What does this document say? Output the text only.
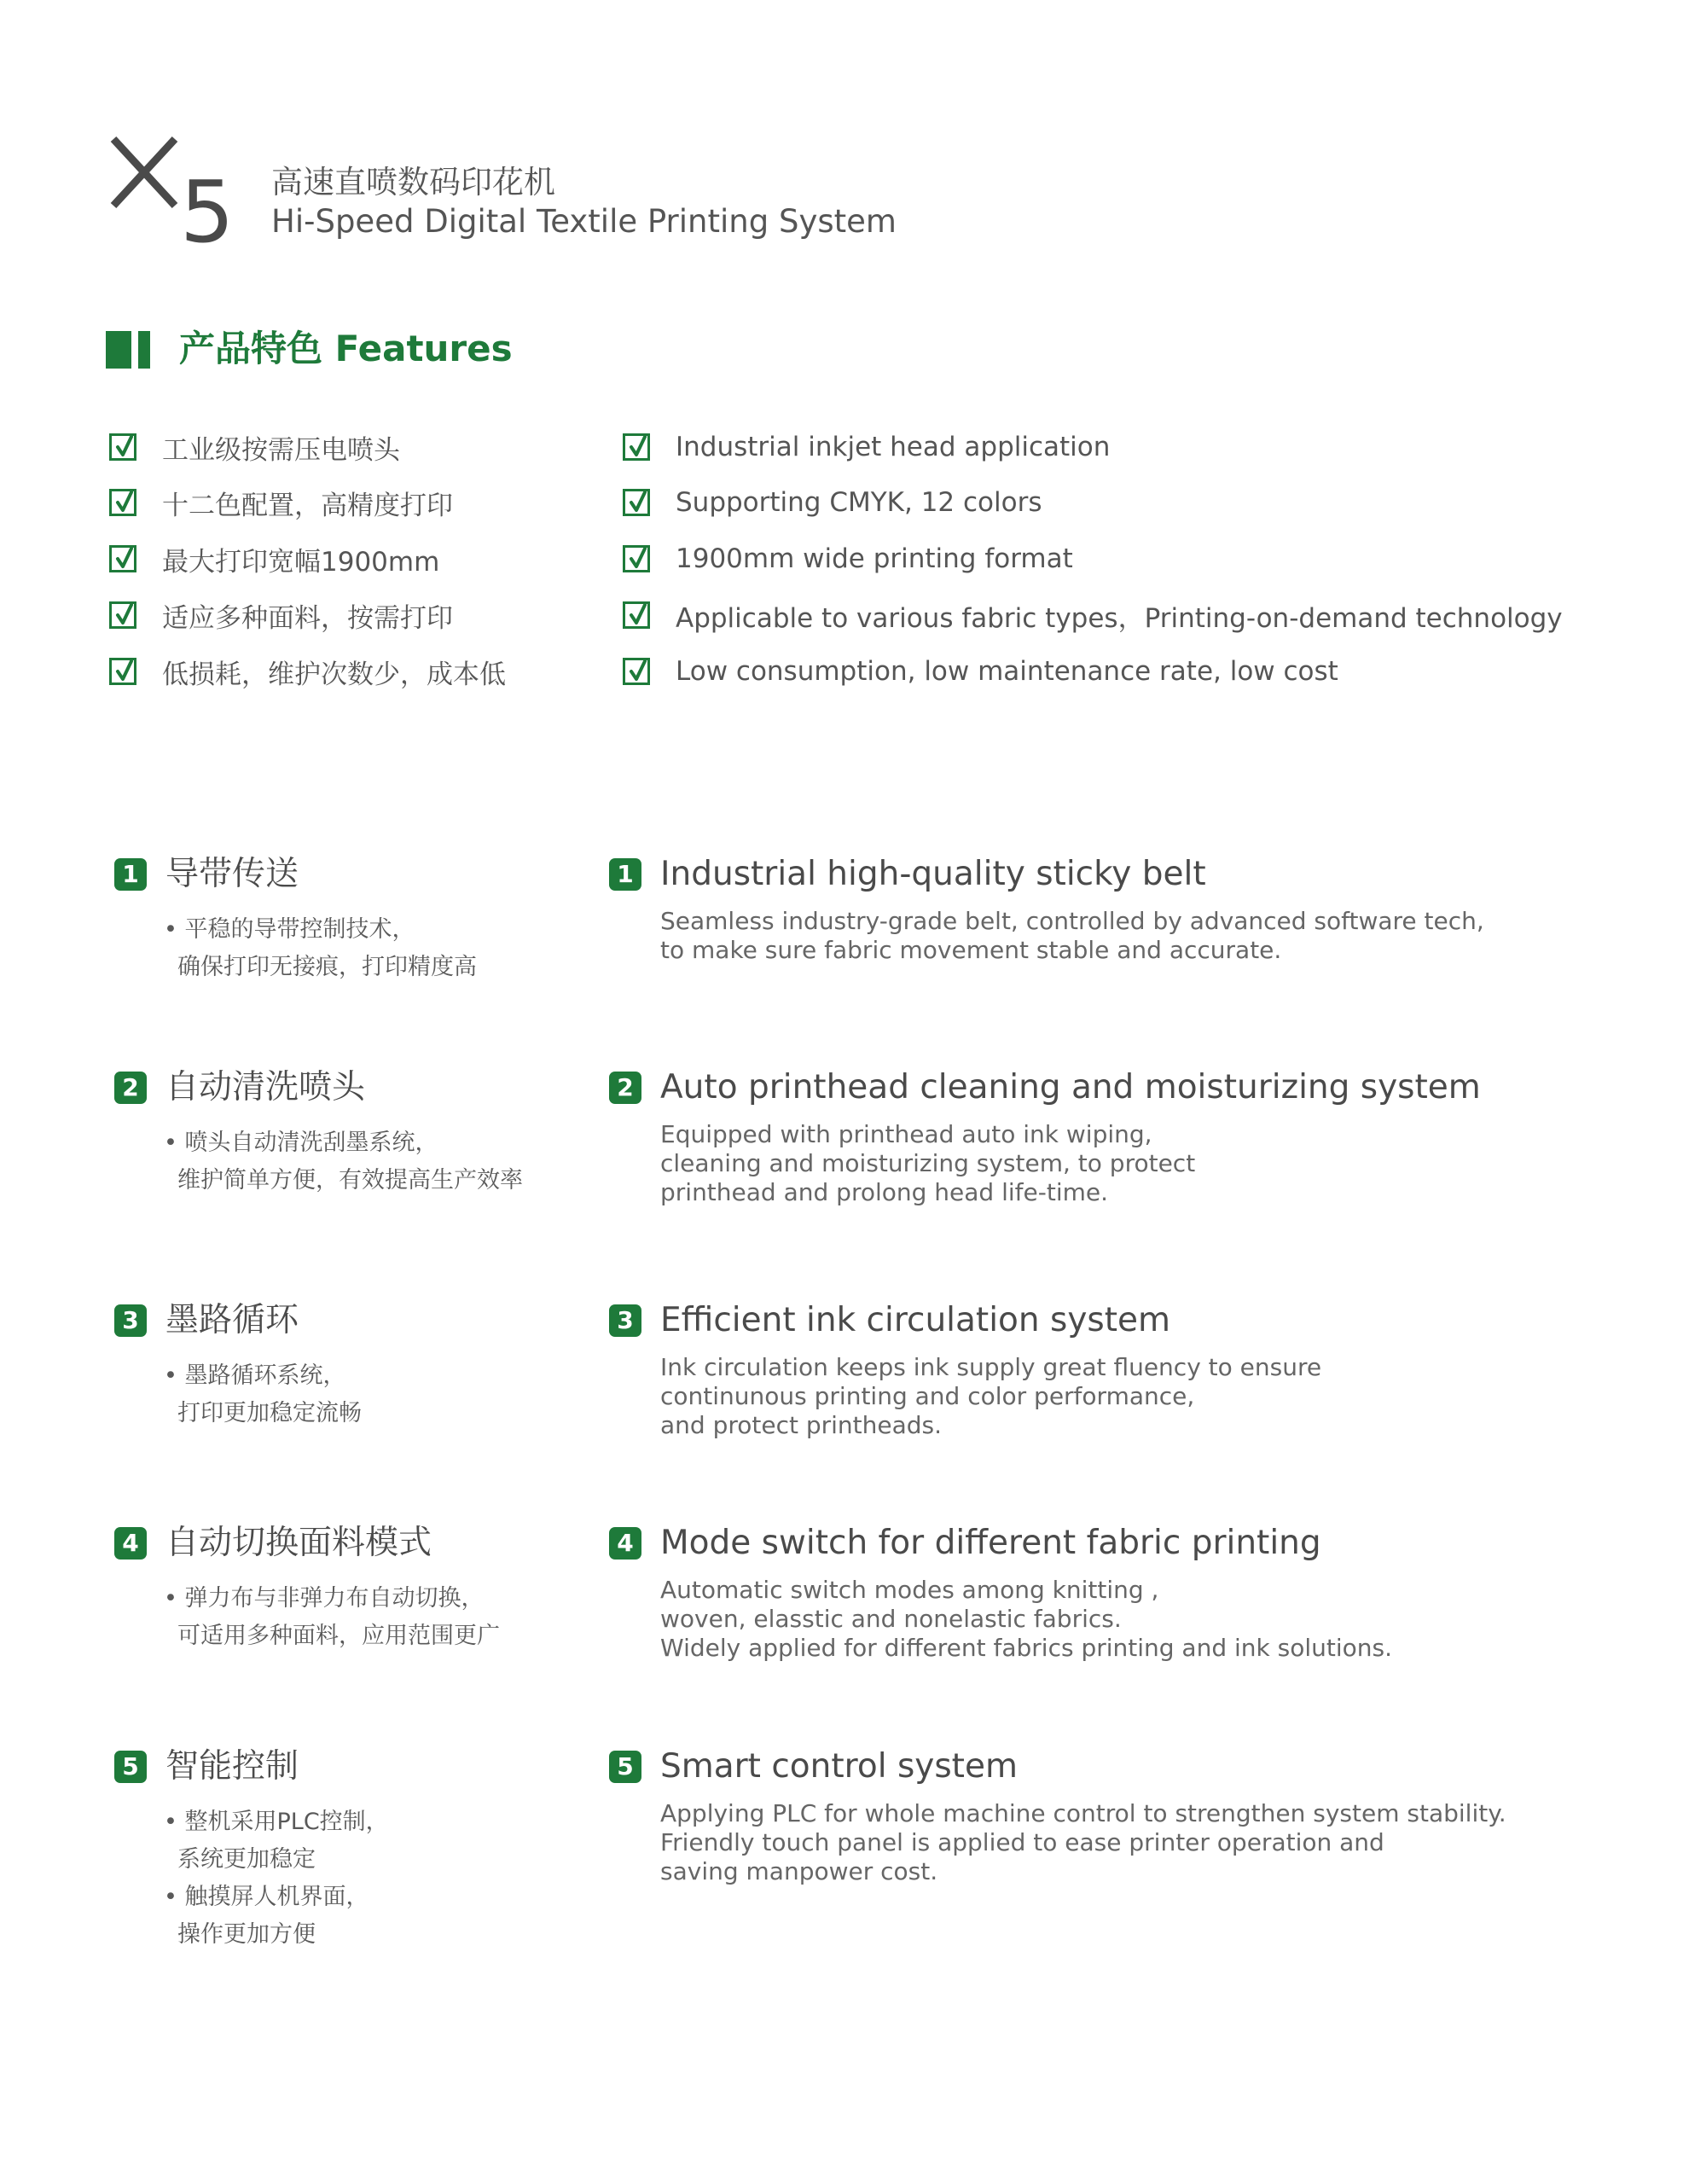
5 高速直喷数码印花机
Hi-Speed Digital Textile Printing System
产品特色 Features
工业级按需压电喷头
十二色配置，高精度打印
最大打印宽幅1900mm
适应多种面料，按需打印
低损耗，维护次数少，成本低
Industrial inkjet head application
Supporting CMYK, 12 colors
1900mm wide printing format
Applicable to various fabric types，Printing-on-demand technology
Low consumption, low maintenance rate, low cost
1 导带传送
• 平稳的导带控制技术，
确保打印无接痕，打印精度高
1 Industrial high-quality sticky belt
Seamless industry-grade belt, controlled by advanced software tech,
to make sure fabric movement stable and accurate.
2 自动清洗喷头
• 喷头自动清洗刮墨系统，
维护简单方便，有效提高生产效率
2 Auto printhead cleaning and moisturizing system
Equipped with printhead auto ink wiping,
cleaning and moisturizing system, to protect
printhead and prolong head life-time.
3 墨路循环
• 墨路循环系统，
打印更加稳定流畅
3 Efficient ink circulation system
Ink circulation keeps ink supply great fluency to ensure
continunous printing and color performance,
and protect printheads.
4 自动切换面料模式
• 弹力布与非弹力布自动切换，
可适用多种面料，应用范围更广
4 Mode switch for different fabric printing
Automatic switch modes among knitting ,
woven, elasstic and nonelastic fabrics.
Widely applied for different fabrics printing and ink solutions.
5 智能控制
• 整机采用PLC控制，
系统更加稳定
• 触摸屏人机界面，
操作更加方便
5 Smart control system
Applying PLC for whole machine control to strengthen system stability.
Friendly touch panel is applied to ease printer operation and
saving manpower cost.
